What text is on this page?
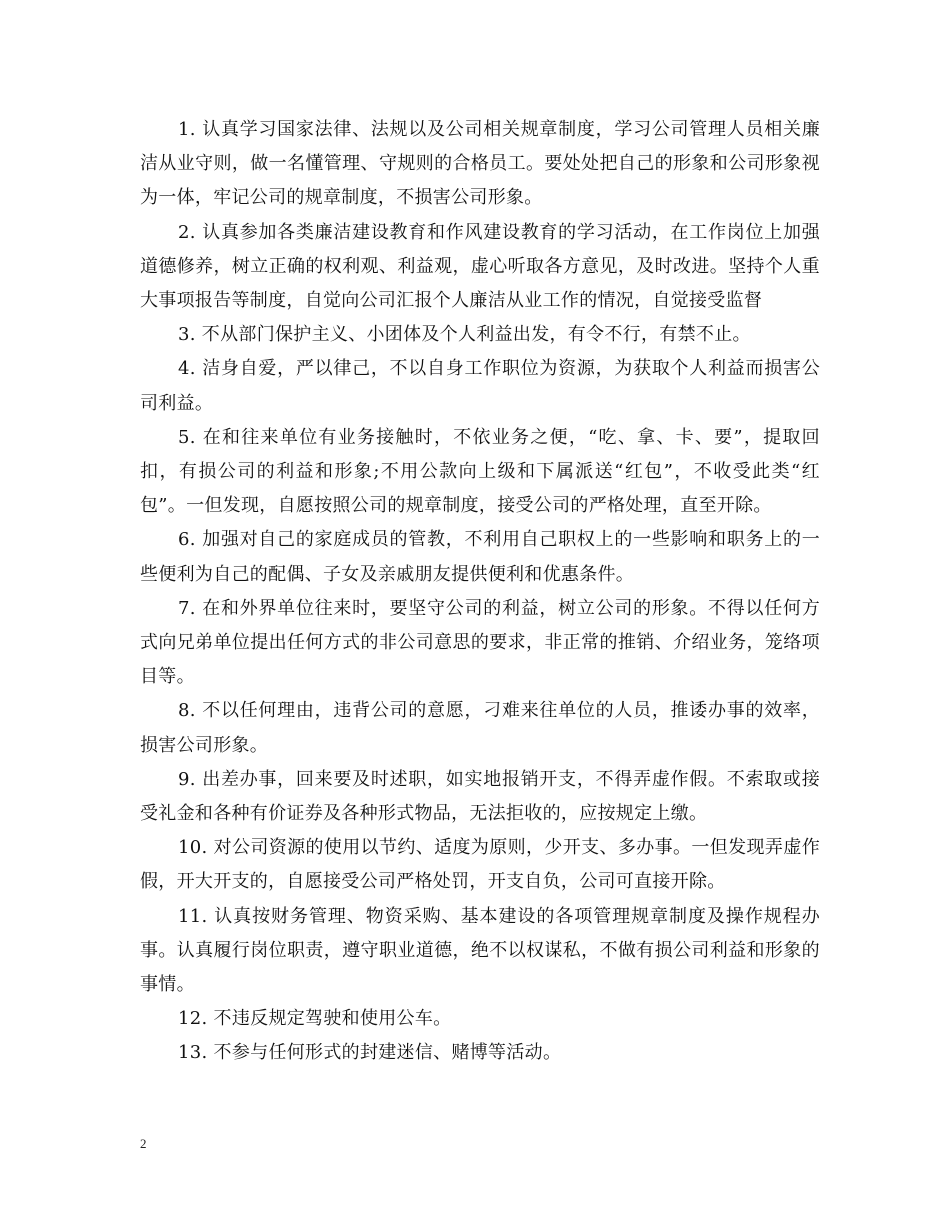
1. 认真学习国家法律、法规以及公司相关规章制度，学习公司管理人员相关廉洁从业守则，做一名懂管理、守规则的合格员工。要处处把自己的形象和公司形象视为一体，牢记公司的规章制度，不损害公司形象。

2. 认真参加各类廉洁建设教育和作风建设教育的学习活动，在工作岗位上加强道德修养，树立正确的权利观、利益观，虚心听取各方意见，及时改进。坚持个人重大事项报告等制度，自觉向公司汇报个人廉洁从业工作的情况，自觉接受监督

3. 不从部门保护主义、小团体及个人利益出发，有令不行，有禁不止。

4. 洁身自爱，严以律己，不以自身工作职位为资源，为获取个人利益而损害公司利益。

5. 在和往来单位有业务接触时，不依业务之便，“吃、拿、卡、要”，提取回扣，有损公司的利益和形象;不用公款向上级和下属派送“红包”，不收受此类“红包”。一但发现，自愿按照公司的规章制度，接受公司的严格处理，直至开除。

6. 加强对自己的家庭成员的管教，不利用自己职权上的一些影响和职务上的一些便利为自己的配偶、子女及亲戚朋友提供便利和优惠条件。

7. 在和外界单位往来时，要坚守公司的利益，树立公司的形象。不得以任何方式向兄弟单位提出任何方式的非公司意思的要求，非正常的推销、介绍业务，笼络项目等。

8. 不以任何理由，违背公司的意愿，刁难来往单位的人员，推诿办事的效率，损害公司形象。

9. 出差办事，回来要及时述职，如实地报销开支，不得弄虚作假。不索取或接受礼金和各种有价证券及各种形式物品，无法拒收的，应按规定上缴。

10. 对公司资源的使用以节约、适度为原则，少开支、多办事。一但发现弄虚作假，开大开支的，自愿接受公司严格处罚，开支自负，公司可直接开除。

11. 认真按财务管理、物资采购、基本建设的各项管理规章制度及操作规程办事。认真履行岗位职责，遵守职业道德，绝不以权谋私，不做有损公司利益和形象的事情。

12. 不违反规定驾驶和使用公车。

13. 不参与任何形式的封建迷信、赌博等活动。

2
